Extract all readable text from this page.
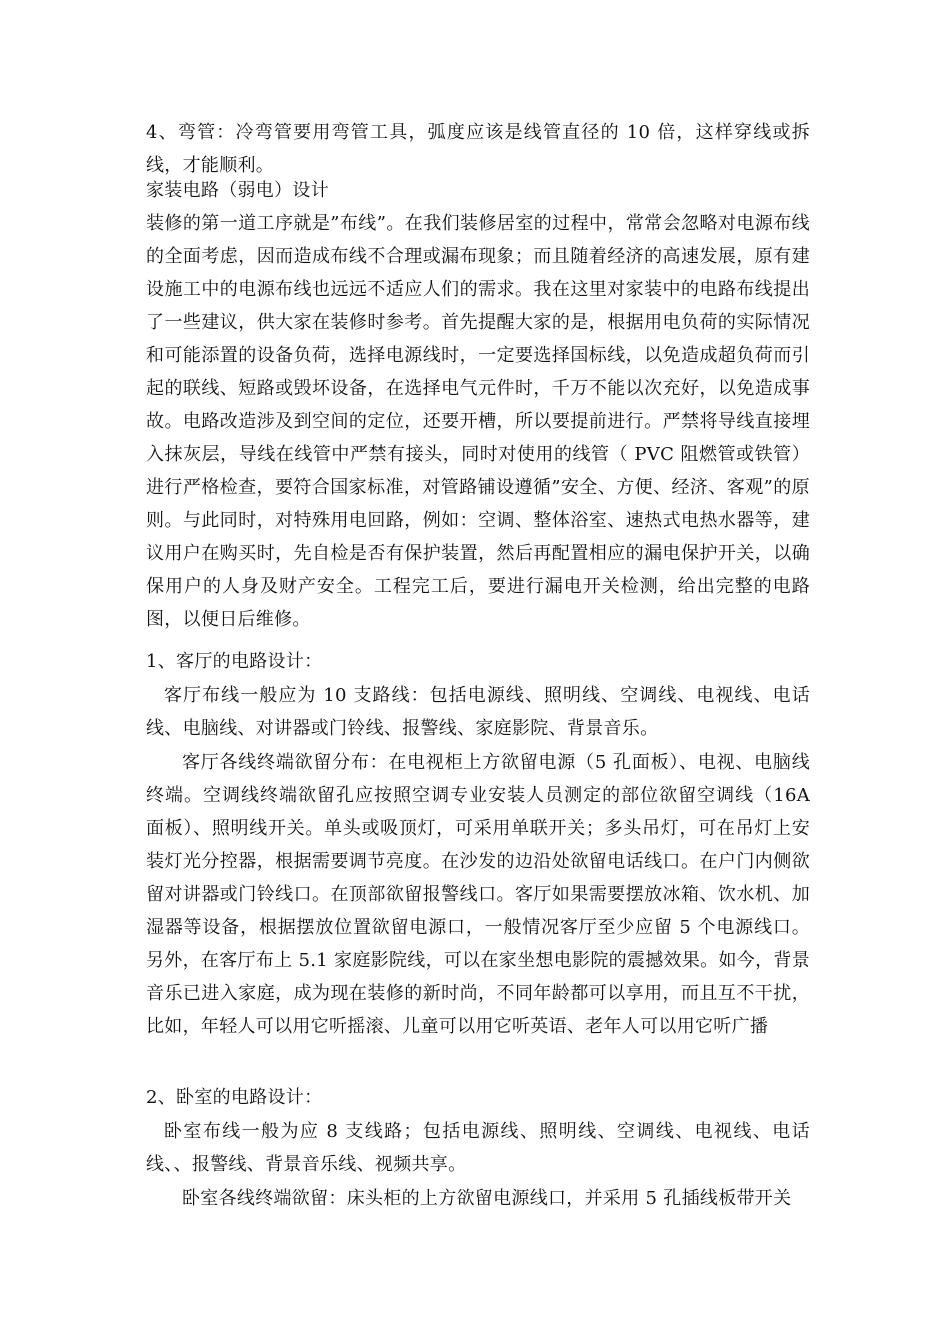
4、弯管：冷弯管要用弯管工具，弧度应该是线管直径的 10 倍，这样穿线或拆线，才能顺利。

家装电路（弱电）设计

装修的第一道工序就是”布线”。在我们装修居室的过程中，常常会忽略对电源布线的全面考虑，因而造成布线不合理或漏布现象；而且随着经济的高速发展，原有建设施工中的电源布线也远远不适应人们的需求。我在这里对家装中的电路布线提出了一些建议，供大家在装修时参考。首先提醒大家的是，根据用电负荷的实际情况和可能添置的设备负荷，选择电源线时，一定要选择国标线，以免造成超负荷而引起的联线、短路或毁坏设备，在选择电气元件时，千万不能以次充好，以免造成事故。电路改造涉及到空间的定位，还要开槽，所以要提前进行。严禁将导线直接埋入抹灰层，导线在线管中严禁有接头，同时对使用的线管（ PVC 阻燃管或铁管）进行严格检查，要符合国家标准，对管路铺设遵循”安全、方便、经济、客观”的原则。与此同时，对特殊用电回路，例如：空调、整体浴室、速热式电热水器等，建议用户在购买时，先自检是否有保护装置，然后再配置相应的漏电保护开关，以确保用户的人身及财产安全。工程完工后，要进行漏电开关检测，给出完整的电路图，以便日后维修。

1、客厅的电路设计：

客厅布线一般应为 10 支路线：包括电源线、照明线、空调线、电视线、电话线、电脑线、对讲器或门铃线、报警线、家庭影院、背景音乐。

客厅各线终端欲留分布：在电视柜上方欲留电源（5 孔面板）、电视、电脑线终端。空调线终端欲留孔应按照空调专业安装人员测定的部位欲留空调线（16A 面板）、照明线开关。单头或吸顶灯，可采用单联开关；多头吊灯，可在吊灯上安装灯光分控器，根据需要调节亮度。在沙发的边沿处欲留电话线口。在户门内侧欲留对讲器或门铃线口。在顶部欲留报警线口。客厅如果需要摆放冰箱、饮水机、加湿器等设备，根据摆放位置欲留电源口，一般情况客厅至少应留 5 个电源线口。另外，在客厅布上 5.1 家庭影院线，可以在家坐想电影院的震撼效果。如今，背景音乐已进入家庭，成为现在装修的新时尚，不同年龄都可以享用，而且互不干扰，比如，年轻人可以用它听摇滚、儿童可以用它听英语、老年人可以用它听广播

2、卧室的电路设计：

卧室布线一般为应 8 支线路；包括电源线、照明线、空调线、电视线、电话线、、报警线、背景音乐线、视频共享。

卧室各线终端欲留：床头柜的上方欲留电源线口，并采用 5 孔插线板带开关
